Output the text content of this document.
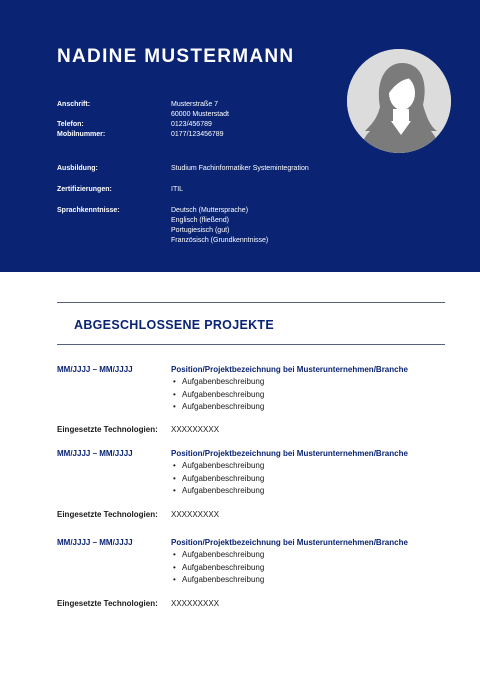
NADINE MUSTERMANN
Anschrift:	Musterstraße 7
60000 Musterstadt
Telefon:	0123/456789
Mobilnummer:	0177/123456789
Ausbildung:	Studium Fachinformatiker Systemintegration
Zertifizierungen:	ITIL
Sprachkenntnisse:	Deutsch (Muttersprache)
Englisch (fließend)
Portugiesisch (gut)
Französisch (Grundkenntnisse)
ABGESCHLOSSENE PROJEKTE
MM/JJJJ – MM/JJJJ	Position/Projektbezeichnung bei Musterunternehmen/Branche
• Aufgabenbeschreibung
• Aufgabenbeschreibung
• Aufgabenbeschreibung
Eingesetzte Technologien: XXXXXXXXX
MM/JJJJ – MM/JJJJ	Position/Projektbezeichnung bei Musterunternehmen/Branche
• Aufgabenbeschreibung
• Aufgabenbeschreibung
• Aufgabenbeschreibung
Eingesetzte Technologien: XXXXXXXXX
MM/JJJJ – MM/JJJJ	Position/Projektbezeichnung bei Musterunternehmen/Branche
• Aufgabenbeschreibung
• Aufgabenbeschreibung
• Aufgabenbeschreibung
Eingesetzte Technologien: XXXXXXXXX
